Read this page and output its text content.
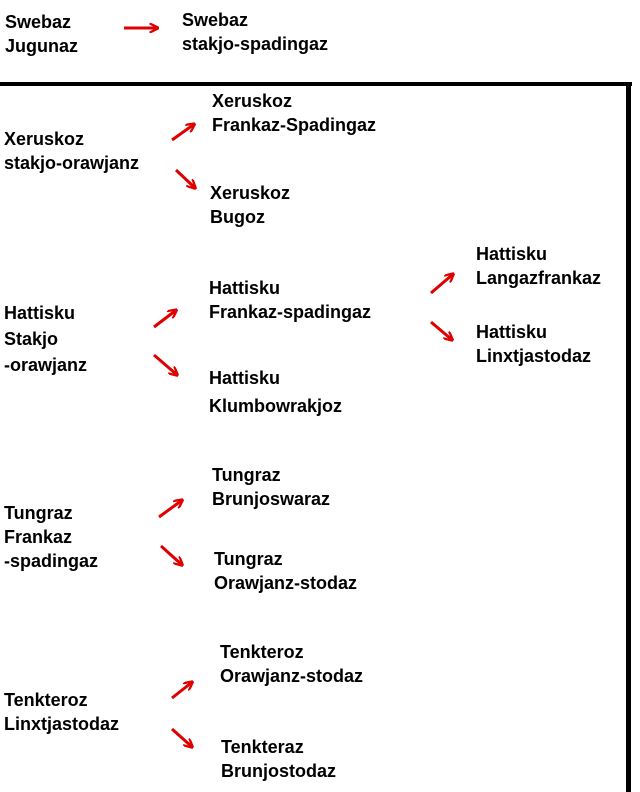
Swebaz
Jugunaz
Swebaz
stakjo-spadingaz
Xeruskoz
stakjo-orawjanz
Xeruskoz
Frankaz-Spadingaz
Xeruskoz
Bugoz
Hattisku
Stakjo
-orawjanz
Hattisku
Frankaz-spadingaz
Hattisku
Klumbowrakjoz
Hattisku
Langazfrankaz
Hattisku
Linxtjastodaz
Tungraz
Frankaz
-spadingaz
Tungraz
Brunjoswaraz
Tungraz
Orawjanz-stodaz
Tenkteroz
Linxtjastodaz
Tenkteroz
Orawjanz-stodaz
Tenkteraz
Brunjostodaz
